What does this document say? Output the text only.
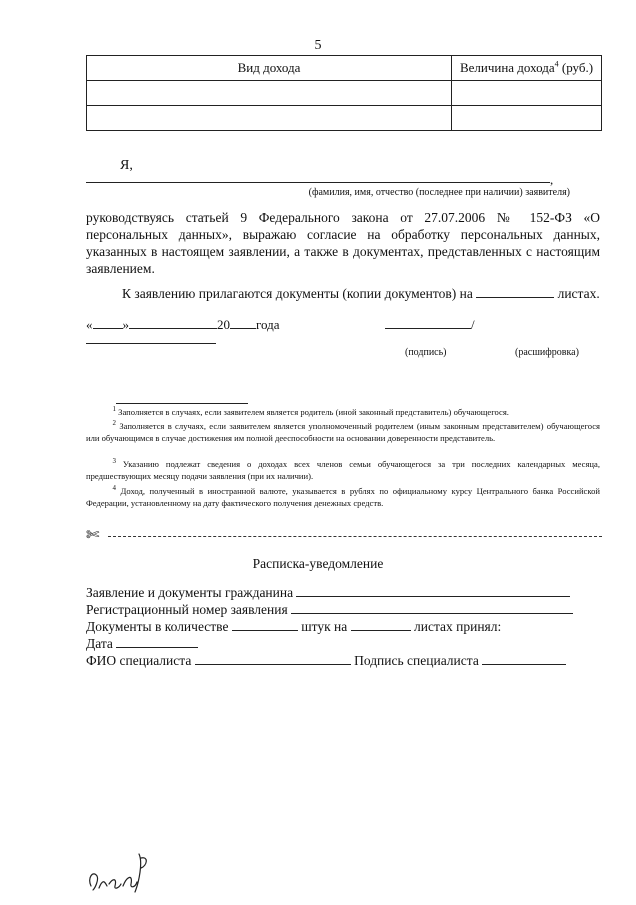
5
Вид дохода	Величина дохода$^4$ (руб.)

Я,
,
(фамилия, имя, отчество (последнее при наличии) заявителя)
руководствуясь статьей 9 Федерального закона от 27.07.2006 № 152-ФЗ «О персональных данных», выражаю согласие на обработку персональных данных, указанных в настоящем заявлении, а также в документах, представленных с настоящим заявлением.
К заявлению прилагаются документы (копии документов) на	листах.
« »	20 года	/
(подпись)	(расшифровка)
$^1$ Заполняется в случаях, если заявителем является родитель (иной законный представитель) обучающегося.
$^2$ Заполняется в случаях, если заявителем является уполномоченный родителем (иным законным представителем) обучающегося или обучающимся в случае достижения им полной дееспособности на основании доверенности представитель.
$^3$ Указанию подлежат сведения о доходах всех членов семьи обучающегося за три последних календарных месяца, предшествующих месяцу подачи заявления (при их наличии).
$^4$ Доход, полученный в иностранной валюте, указывается в рублях по официальному курсу Центрального банка Российской Федерации, установленному на дату фактического получения денежных средств.
✄
Расписка-уведомление
Заявление и документы гражданина
Регистрационный номер заявления
Документы в количестве	штук на	листах принял:
Дата
ФИО специалиста	Подпись специалиста
